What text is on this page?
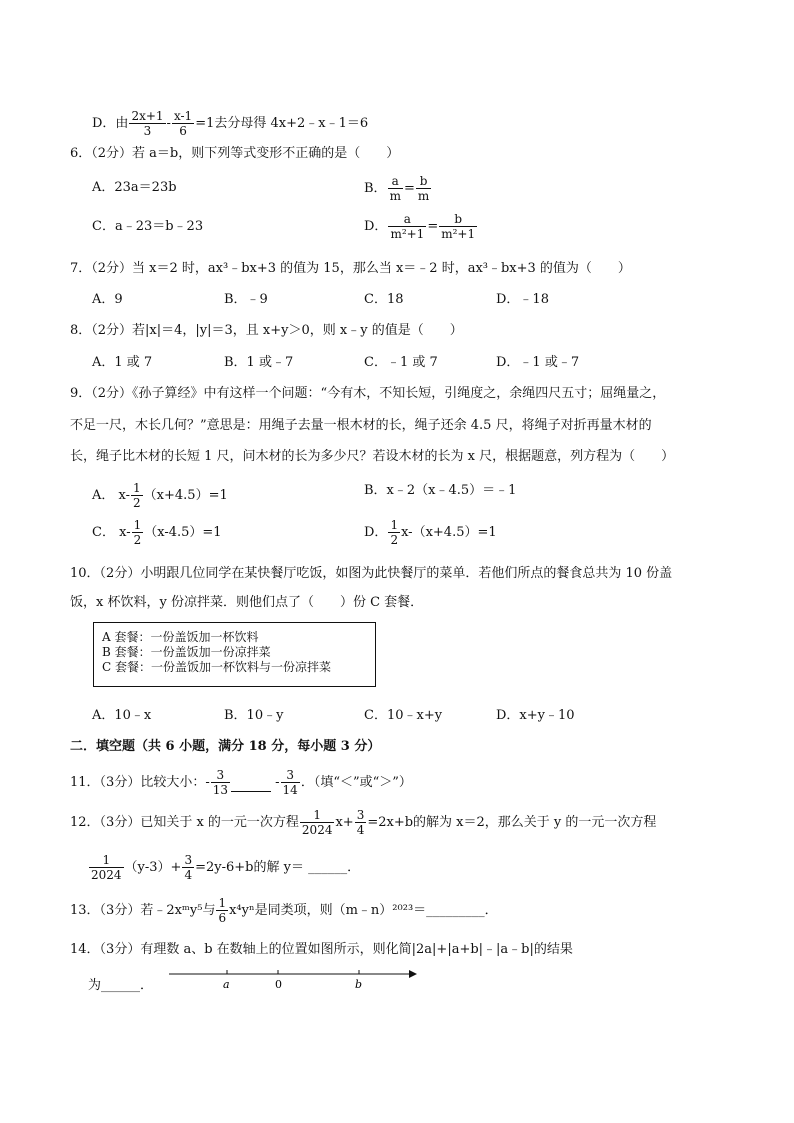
D．由 $\frac{2x+1}{3} - \frac{x-1}{6} =1$去分母得 4x+2﹣x﹣1＝6
6．（2分）若 a＝b，则下列等式变形不正确的是（　　）
A．23a＝23b	B． $\frac{a}{m} = \frac{b}{m}$
C．a﹣23＝b﹣23	D． $\frac{a}{\text{m²+1}} = \frac{b}{\text{m²+1}}$
7．（2分）当 x＝2 时，ax³﹣bx+3 的值为 15，那么当 x＝﹣2 时，ax³﹣bx+3 的值为（　　）
A．9	B．﹣9	C．18	D．﹣18
8．（2分）若|x|＝4，|y|＝3，且 x+y＞0，则 x﹣y 的值是（　　）
A．1 或 7	B．1 或﹣7	C．﹣1 或 7	D．﹣1 或﹣7
9．（2分）《孙子算经》中有这样一个问题：“今有木，不知长短，引绳度之，余绳四尺五寸；屈绳量之，
不足一尺，木长几何？”意思是：用绳子去量一根木材的长，绳子还余 4.5 尺，将绳子对折再量木材的
长，绳子比木材的长短 1 尺，问木材的长为多少尺？若设木材的长为 x 尺，根据题意，列方程为（　　）
A． $x- \frac{1}{2} (x+4.5)=1$	B．x﹣2（x﹣4.5）＝﹣1
C． $x- \frac{1}{2} (x-4.5)=1$	D． $\frac{1}{2} x-(x+4.5)=1$
10．（2分）小明跟几位同学在某快餐厅吃饭，如图为此快餐厅的菜单．若他们所点的餐食总共为 10 份盖
饭，x 杯饮料，y 份凉拌菜．则他们点了（　　）份 C 套餐．
A 套餐：一份盖饭加一杯饮料
B 套餐：一份盖饭加一份凉拌菜
C 套餐：一份盖饭加一杯饮料与一份凉拌菜
A．10﹣x	B．10﹣y	C．10﹣x+y	D．x+y﹣10
二．填空题（共 6 小题，满分 18 分，每小题 3 分）
11．（3分）比较大小：- $\frac{3}{13}$	- $\frac{3}{14}$ ．（填“＜”或“＞”）
12．（3分）已知关于 x 的一元一次方程 $\frac{1}{2024} x+ \frac{3}{4} =2x+b$的解为 x＝2，那么关于 y 的一元一次方程
$\frac{1}{2024} (y-3)+ \frac{3}{4} =2y-6+b$的解 y＝ ______．
13．（3分）若﹣2xᵐy⁵与 $\frac{1}{6} x^4y^n$是同类项，则（m﹣n）²⁰²³＝_________．
14．（3分）有理数 a、b 在数轴上的位置如图所示，则化简|2a|+|a+b|﹣|a﹣b|的结果
为______．	a	0	b
